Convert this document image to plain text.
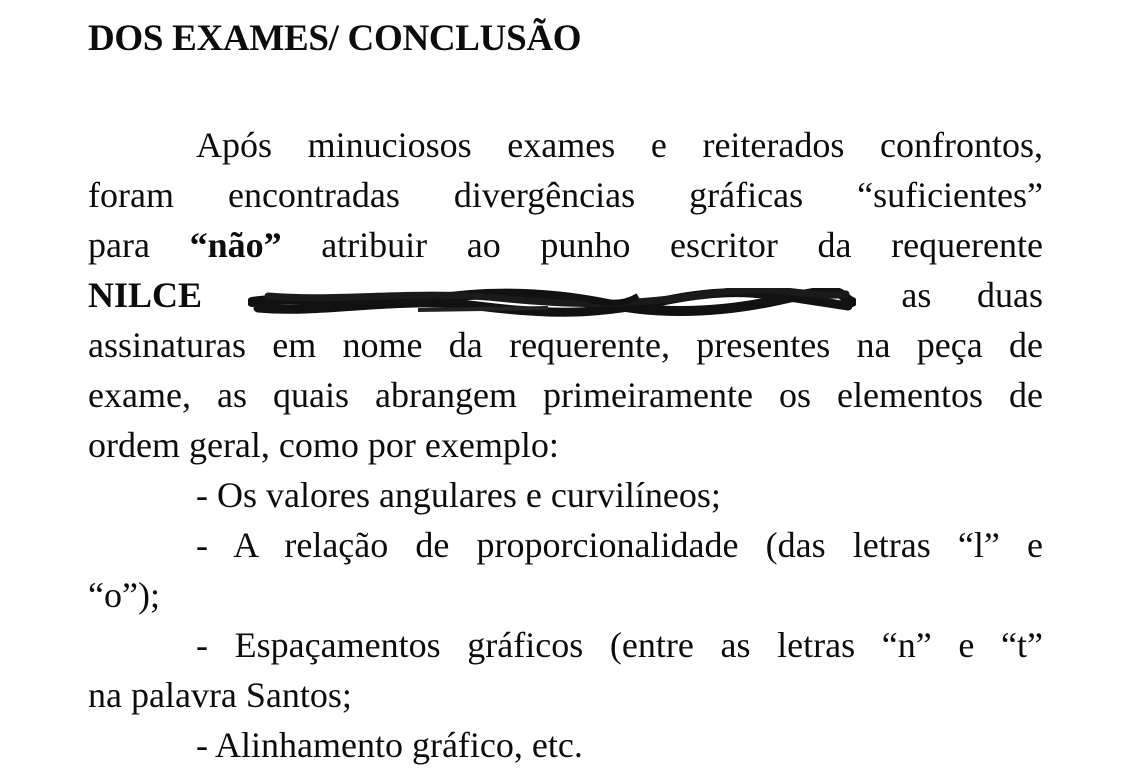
DOS EXAMES/ CONCLUSÃO
Após minuciosos exames e reiterados confrontos,
foram encontradas divergências gráficas “suficientes”
para “não” atribuir ao punho escritor da requerente
NILCE	as duas
assinaturas em nome da requerente, presentes na peça de
exame, as quais abrangem primeiramente os elementos de
ordem geral, como por exemplo:
- Os valores angulares e curvilíneos;
- A relação de proporcionalidade (das letras “l” e
“o”);
- Espaçamentos gráficos (entre as letras “n” e “t”
na palavra Santos;
- Alinhamento gráfico, etc.
